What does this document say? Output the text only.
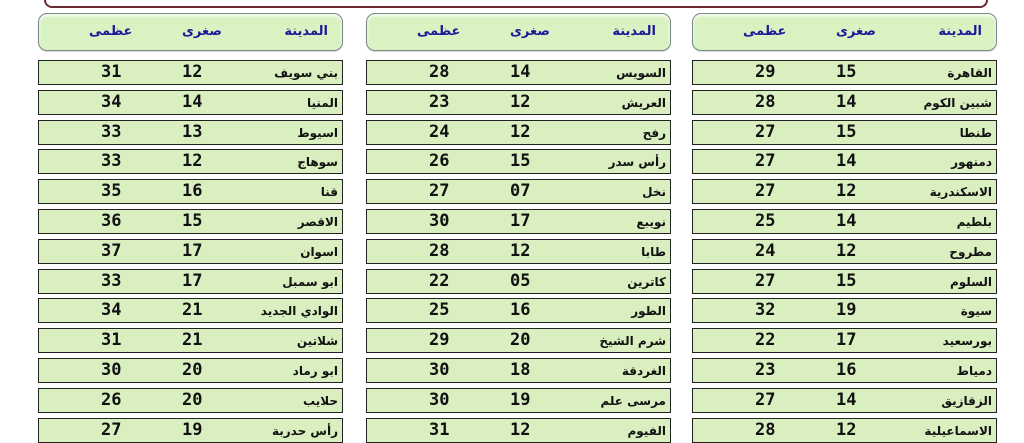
عظمى	صغرى	المدينة
29	15	القاهرة
28	14	شبين الكوم
27	15	طنطا
27	14	دمنهور
27	12	الاسكندرية
25	14	بلطيم
24	12	مطروح
27	15	السلوم
32	19	سيوة
22	17	بورسعيد
23	16	دمياط
27	14	الزقازيق
28	12	الاسماعيلية
عظمى	صغرى	المدينة
28	14	السويس
23	12	العريش
24	12	رفح
26	15	رأس سدر
27	07	نخل
30	17	نويبع
28	12	طابا
22	05	كاترين
25	16	الطور
29	20	شرم الشيخ
30	18	الغردقة
30	19	مرسى علم
31	12	الفيوم
عظمى	صغرى	المدينة
31	12	بني سويف
34	14	المنيا
33	13	اسيوط
33	12	سوهاج
35	16	قنا
36	15	الاقصر
37	17	اسوان
33	17	ابو سمبل
34	21	الوادي الجديد
31	21	شلاتين
30	20	ابو رماد
26	20	حلايب
27	19	رأس حدربة
